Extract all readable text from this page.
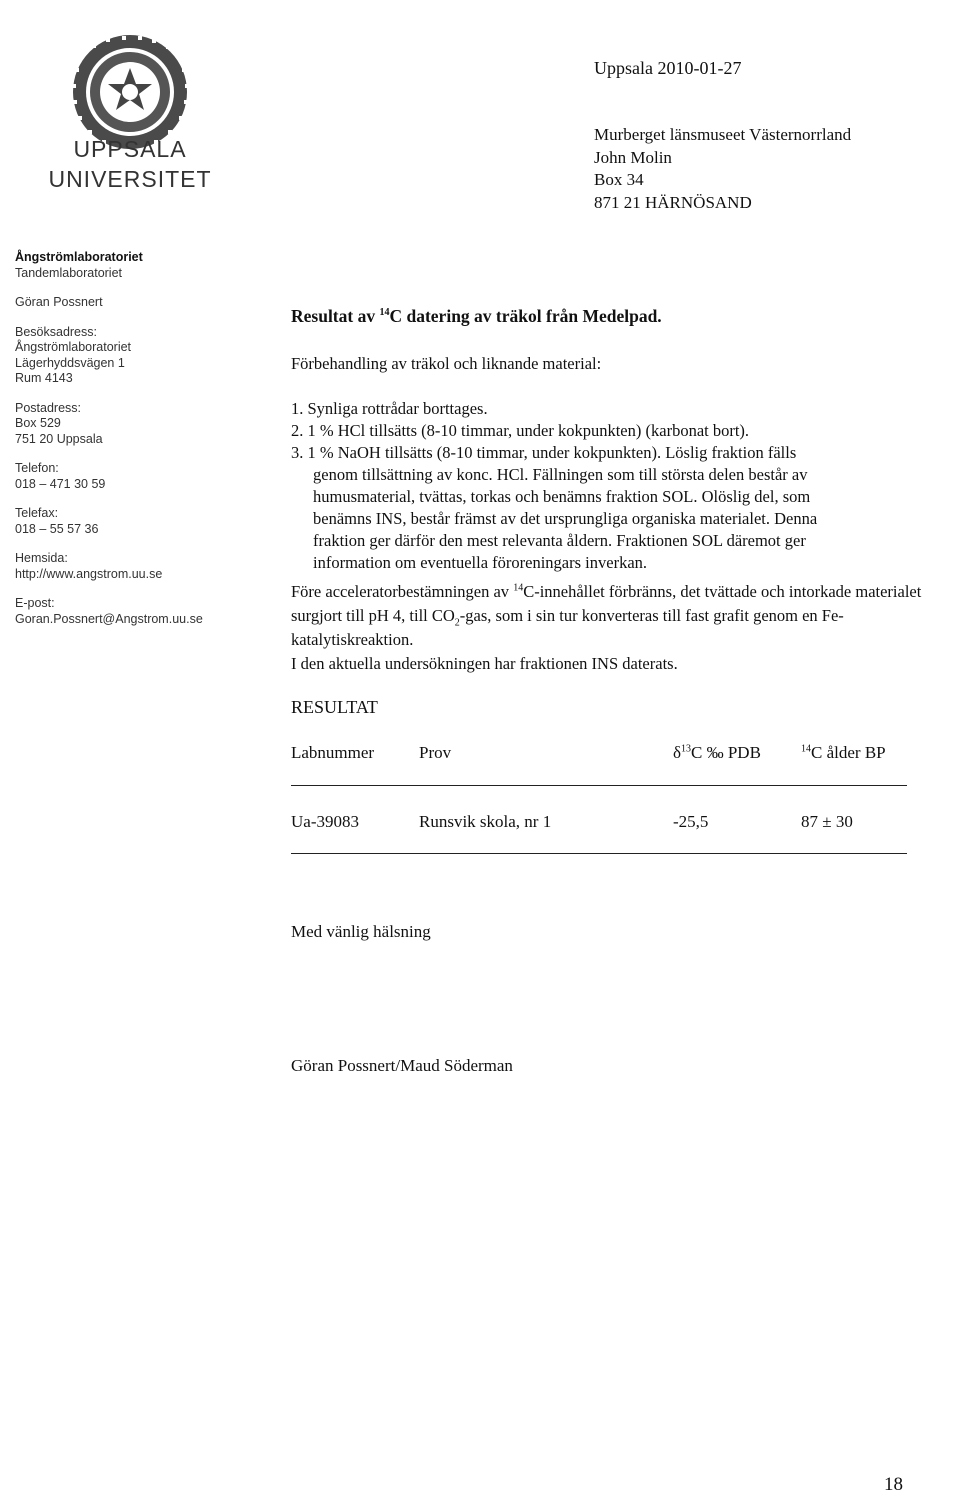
UPPSALA
UNIVERSITET
Ångströmlaboratoriet
Tandemlaboratoriet
Göran Possnert
Besöksadress:
Ångströmlaboratoriet
Lägerhyddsvägen 1
Rum 4143
Postadress:
Box 529
751 20 Uppsala
Telefon:
018 – 471 30 59
Telefax:
018 – 55 57 36
Hemsida:
http://www.angstrom.uu.se
E-post:
Goran.Possnert@Angstrom.uu.se
Uppsala 2010-01-27
Murberget länsmuseet Västernorrland
John Molin
Box 34
871 21 HÄRNÖSAND
Resultat av $^{14}$C datering av träkol från Medelpad.
Förbehandling av träkol och liknande material:
1. Synliga rottrådar borttages.
2. 1 % HCl tillsätts (8-10 timmar, under kokpunkten) (karbonat bort).
3. 1 % NaOH tillsätts (8-10 timmar, under kokpunkten). Löslig fraktion fälls
genom tillsättning av konc. HCl. Fällningen som till största delen består av
humusmaterial, tvättas, torkas och benämns fraktion SOL. Olöslig del, som
benämns INS, består främst av det ursprungliga organiska materialet. Denna
fraktion ger därför den mest relevanta åldern. Fraktionen SOL däremot ger
information om eventuella föroreningars inverkan.
Före acceleratorbestämningen av $^{14}$C-innehållet förbränns, det tvättade och intorkade materialet surgjort till pH 4, till $CO_2$-gas, som i sin tur konverteras till fast grafit genom en Fe-katalytiskreaktion.
I den aktuella undersökningen har fraktionen INS daterats.
RESULTAT
Labnummer	Prov	$\delta^{13}C$ ‰ PDB	$^{14}$C ålder BP
Ua-39083	Runsvik skola, nr 1	-25,5	87 ± 30
Med vänlig hälsning
Göran Possnert/Maud Söderman
18
